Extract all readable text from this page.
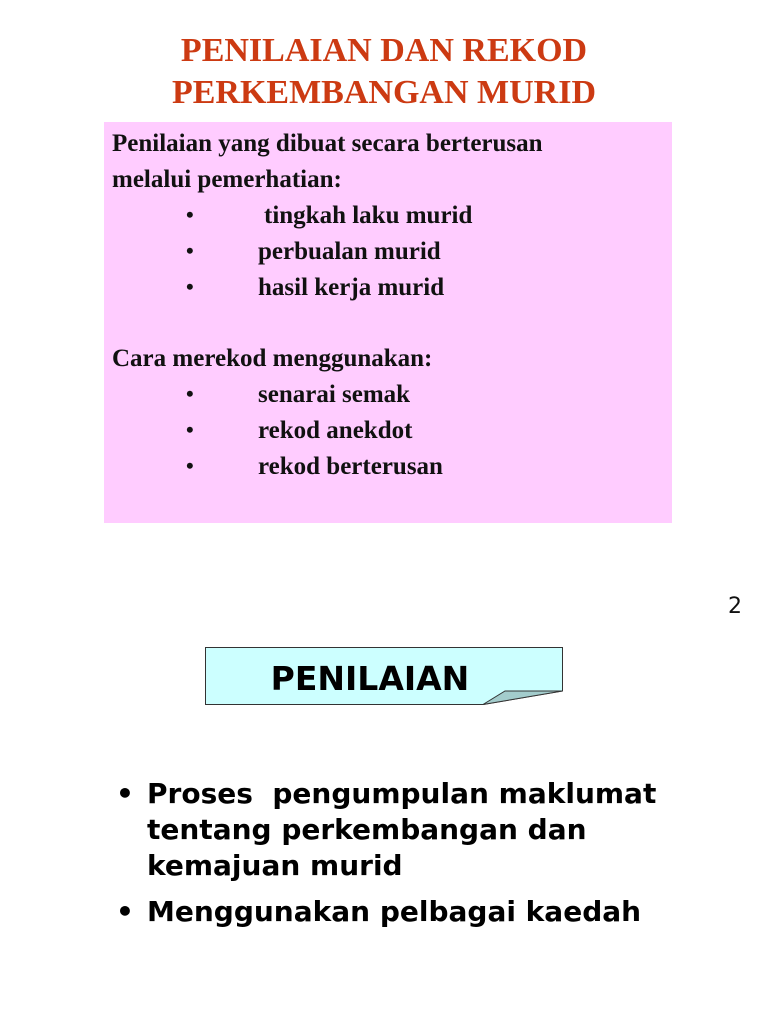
PENILAIAN DAN REKOD
PERKEMBANGAN MURID
Penilaian yang dibuat secara berterusan
melalui pemerhatian:
•	tingkah laku murid
•	perbualan murid
•	hasil kerja murid
Cara merekod menggunakan:
•	senarai semak
•	rekod anekdot
•	rekod berterusan
2
PENILAIAN
• Proses  pengumpulan maklumat tentang perkembangan dan kemajuan murid
• Menggunakan pelbagai kaedah
